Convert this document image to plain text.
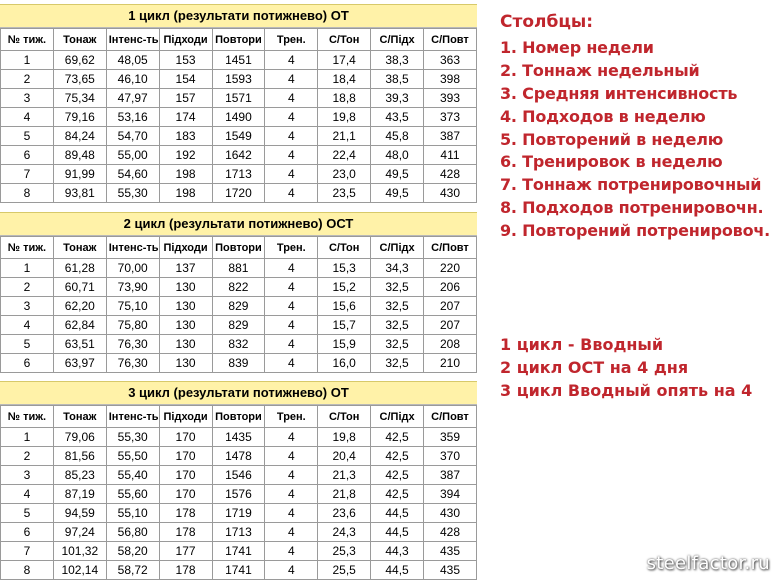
1 цикл (результати потижнево) ОТ
№ тиж.	Тонаж	Інтенс-ть	Підходи	Повтори	Трен.	С/Тон	С/Підх	С/Повт
1	69,62	48,05	153	1451	4	17,4	38,3	363
2	73,65	46,10	154	1593	4	18,4	38,5	398
3	75,34	47,97	157	1571	4	18,8	39,3	393
4	79,16	53,16	174	1490	4	19,8	43,5	373
5	84,24	54,70	183	1549	4	21,1	45,8	387
6	89,48	55,00	192	1642	4	22,4	48,0	411
7	91,99	54,60	198	1713	4	23,0	49,5	428
8	93,81	55,30	198	1720	4	23,5	49,5	430
2 цикл (результати потижнево) ОСТ
№ тиж.	Тонаж	Інтенс-ть	Підходи	Повтори	Трен.	С/Тон	С/Підх	С/Повт
1	61,28	70,00	137	881	4	15,3	34,3	220
2	60,71	73,90	130	822	4	15,2	32,5	206
3	62,20	75,10	130	829	4	15,6	32,5	207
4	62,84	75,80	130	829	4	15,7	32,5	207
5	63,51	76,30	130	832	4	15,9	32,5	208
6	63,97	76,30	130	839	4	16,0	32,5	210
3 цикл (результати потижнево) ОТ
№ тиж.	Тонаж	Інтенс-ть	Підходи	Повтори	Трен.	С/Тон	С/Підх	С/Повт
1	79,06	55,30	170	1435	4	19,8	42,5	359
2	81,56	55,50	170	1478	4	20,4	42,5	370
3	85,23	55,40	170	1546	4	21,3	42,5	387
4	87,19	55,60	170	1576	4	21,8	42,5	394
5	94,59	55,10	178	1719	4	23,6	44,5	430
6	97,24	56,80	178	1713	4	24,3	44,5	428
7	101,32	58,20	177	1741	4	25,3	44,3	435
8	102,14	58,72	178	1741	4	25,5	44,5	435
Столбцы:
1. Номер недели
2. Тоннаж недельный
3. Средняя интенсивность
4. Подходов в неделю
5. Повторений в неделю
6. Тренировок в неделю
7. Тоннаж потренировочный
8. Подходов потренировочн.
9. Повторений потренировоч.
1 цикл - Вводный
2 цикл ОСТ на 4 дня
3 цикл Вводный опять на 4
steelfactor.ru
